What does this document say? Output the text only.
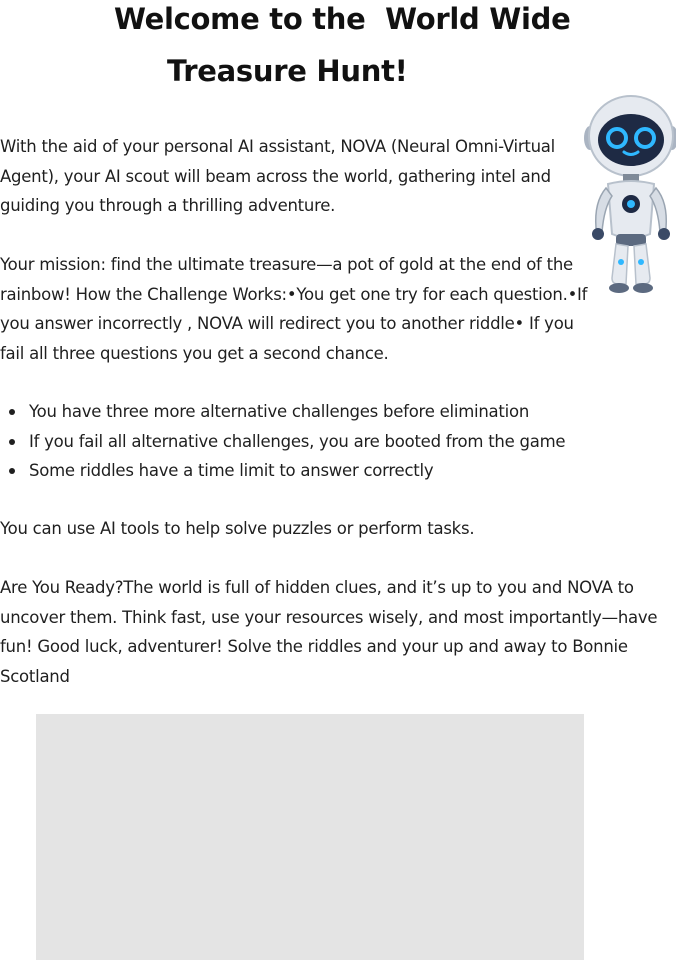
Welcome to the  World Wide
Treasure Hunt!

With the aid of your personal AI assistant, NOVA (Neural Omni-Virtual Agent), your AI scout will beam across the world, gathering intel and guiding you through a thrilling adventure.

Your mission: find the ultimate treasure—a pot of gold at the end of the rainbow! How the Challenge Works:•You get one try for each question.•If you answer incorrectly , NOVA will redirect you to another riddle• If you fail all three questions you get a second chance.

You have three more alternative challenges before elimination
If you fail all alternative challenges, you are booted from the game
Some riddles have a time limit to answer correctly

You can use AI tools to help solve puzzles or perform tasks.

Are You Ready?The world is full of hidden clues, and it’s up to you and NOVA to uncover them. Think fast, use your resources wisely, and most importantly—have fun! Good luck, adventurer! Solve the riddles and your up and away to Bonnie Scotland
